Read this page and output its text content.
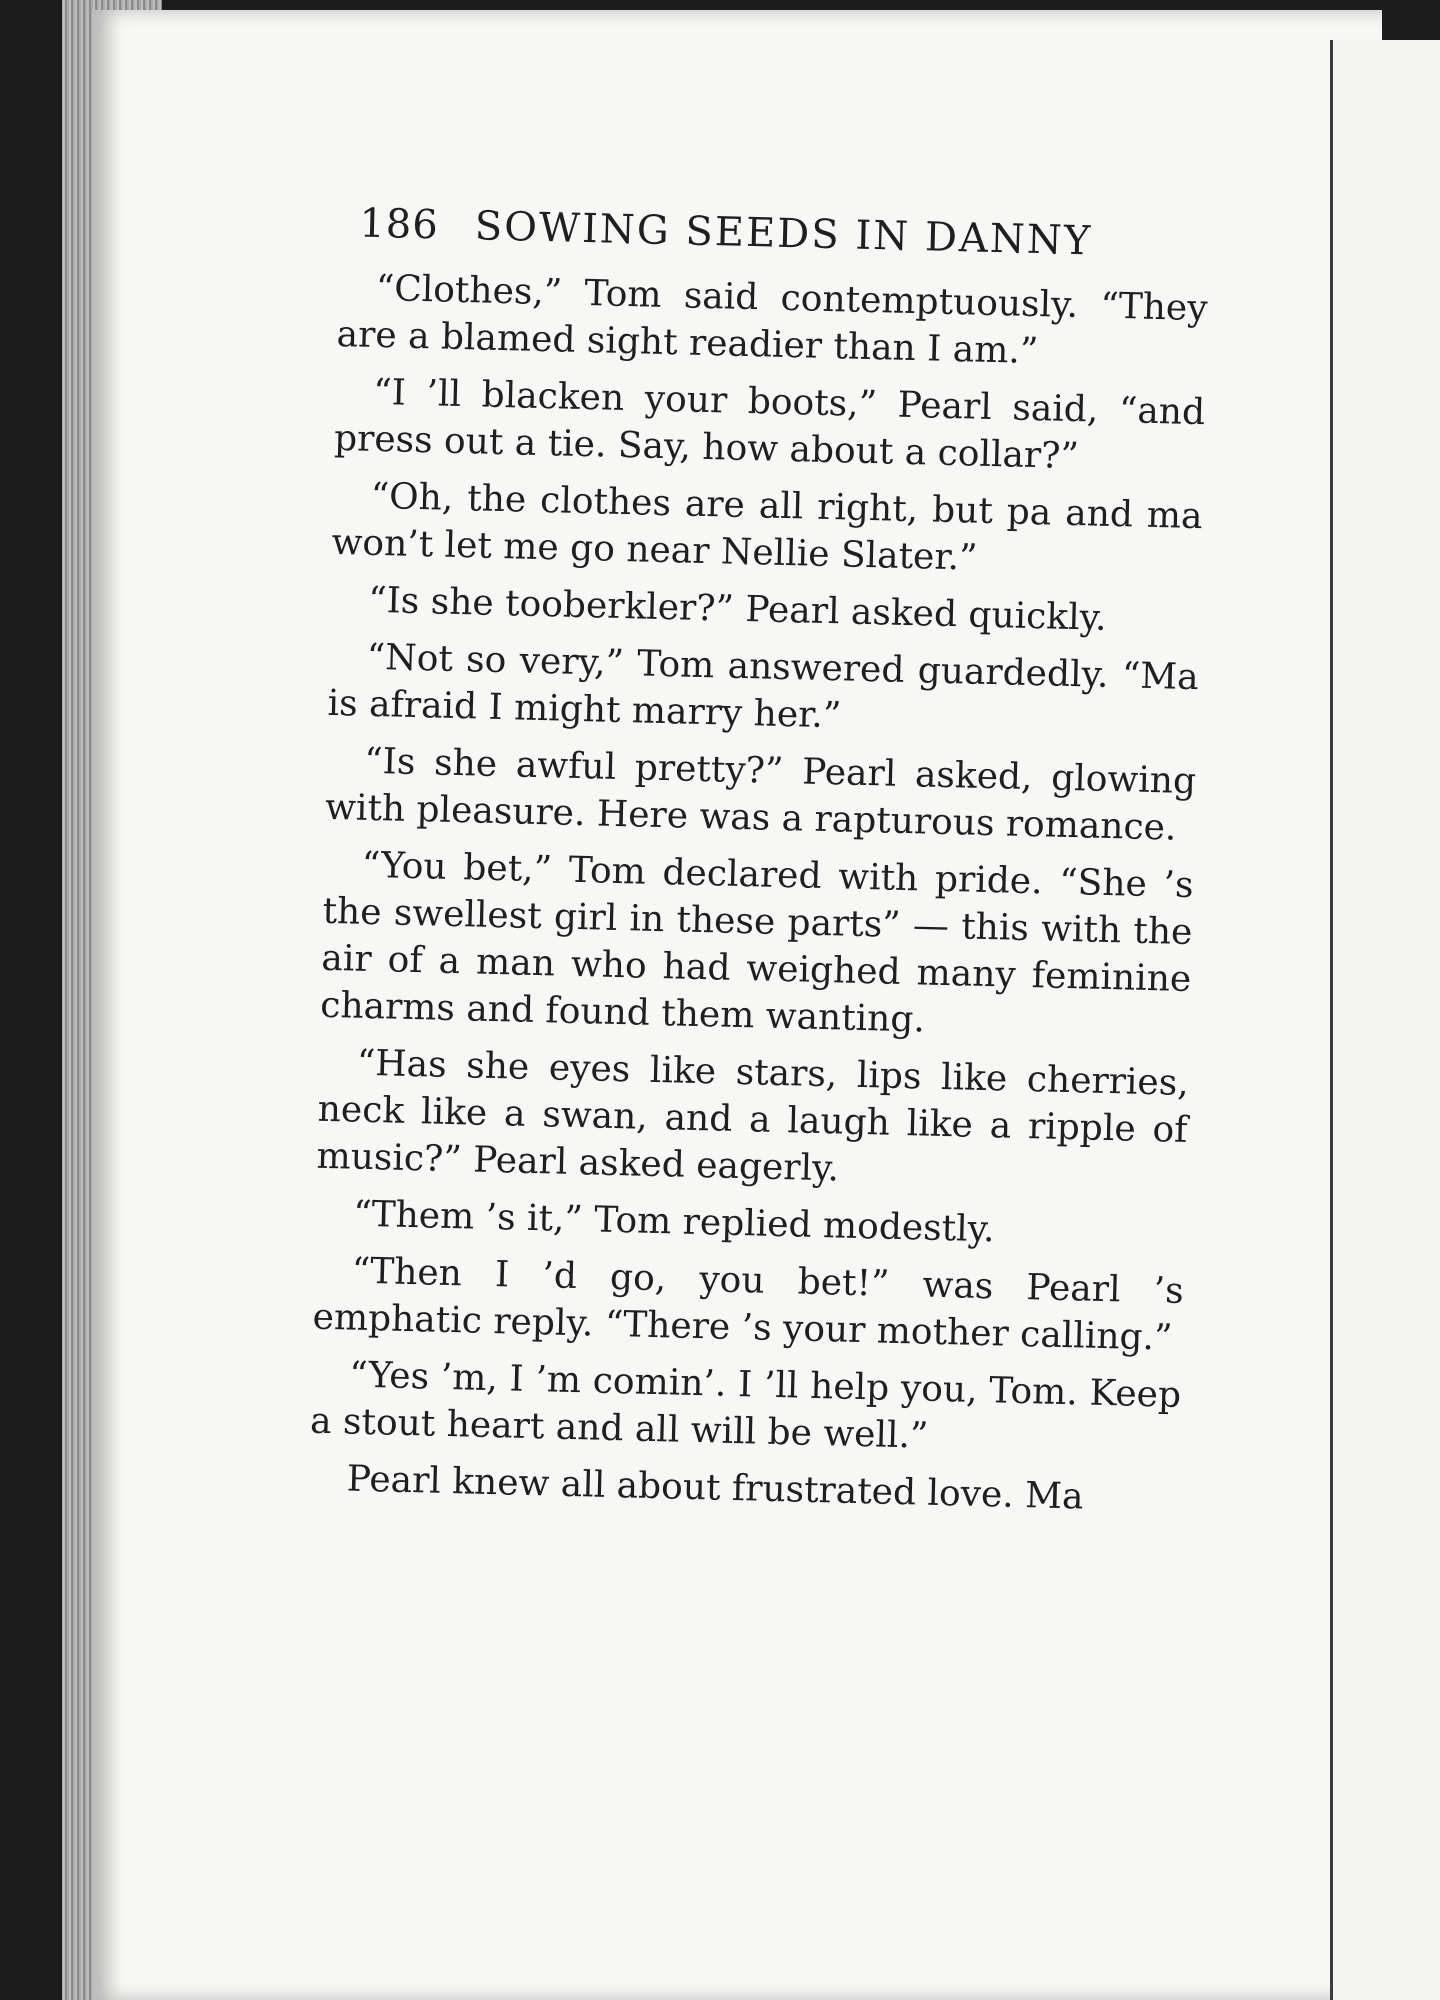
186 SOWING SEEDS IN DANNY

“Clothes,” Tom said contemptuously. “They are a blamed sight readier than I am.”

“I ’ll blacken your boots,” Pearl said, “and press out a tie. Say, how about a collar?”

“Oh, the clothes are all right, but pa and ma won’t let me go near Nellie Slater.”

“Is she tooberkler?” Pearl asked quickly.

“Not so very,” Tom answered guardedly. “Ma is afraid I might marry her.”

“Is she awful pretty?” Pearl asked, glowing with pleasure. Here was a rapturous romance.

“You bet,” Tom declared with pride. “She ’s the swellest girl in these parts” — this with the air of a man who had weighed many feminine charms and found them wanting.

“Has she eyes like stars, lips like cherries, neck like a swan, and a laugh like a ripple of music?” Pearl asked eagerly.

“Them ’s it,” Tom replied modestly.

“Then I ’d go, you bet!” was Pearl ’s emphatic reply. “There ’s your mother calling.”

“Yes ’m, I ’m comin’. I ’ll help you, Tom. Keep a stout heart and all will be well.”

Pearl knew all about frustrated love. Ma
